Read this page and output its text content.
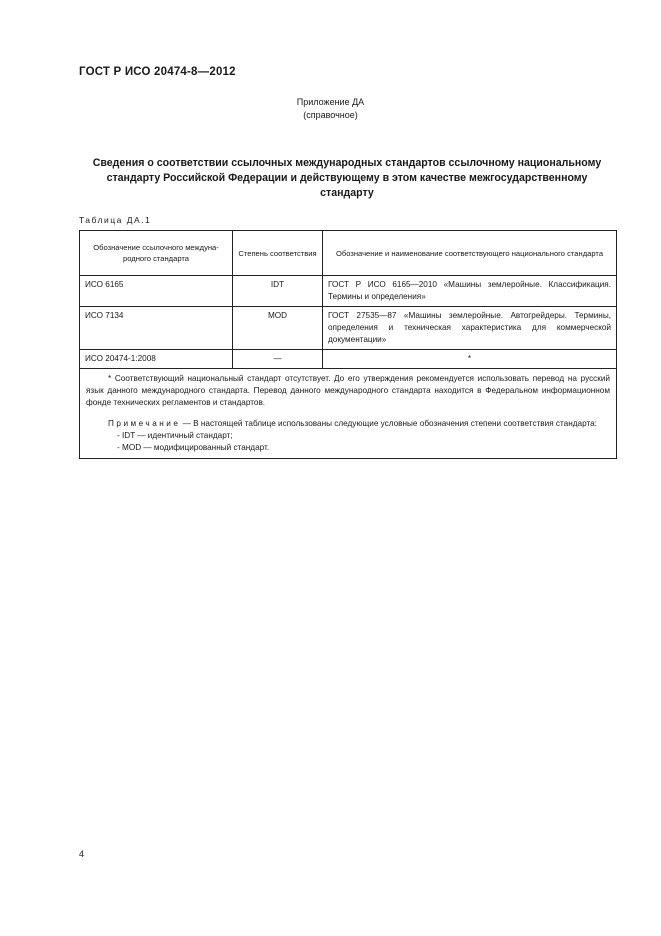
ГОСТ Р ИСО 20474-8—2012
Приложение ДА
(справочное)
Сведения о соответствии ссылочных международных стандартов ссылочному национальному
стандарту Российской Федерации и действующему в этом качестве межгосударственному
стандарту
Таблица ДА.1
Обозначение ссылочного междуна-родного стандарта	Степень соответствия	Обозначение и наименование соответствующего национального стандарта
ИСО 6165	IDT	ГОСТ Р ИСО 6165—2010 «Машины землеройные. Классификация. Термины и определения»
ИСО 7134	MOD	ГОСТ 27535—87 «Машины землеройные. Автогрейдеры. Термины, определения и техническая характеристика для коммерческой документации»
ИСО 20474-1:2008	—	*

* Соответствующий национальный стандарт отсутствует. До его утверждения рекомендуется использовать перевод на русский язык данного международного стандарта. Перевод данного международного стандарта находится в Федеральном информационном фонде технических регламентов и стандартов.
Примечание — В настоящей таблице использованы следующие условные обозначения степени соответствия стандарта:
- IDT — идентичный стандарт;
- MOD — модифицированный стандарт.		
4
